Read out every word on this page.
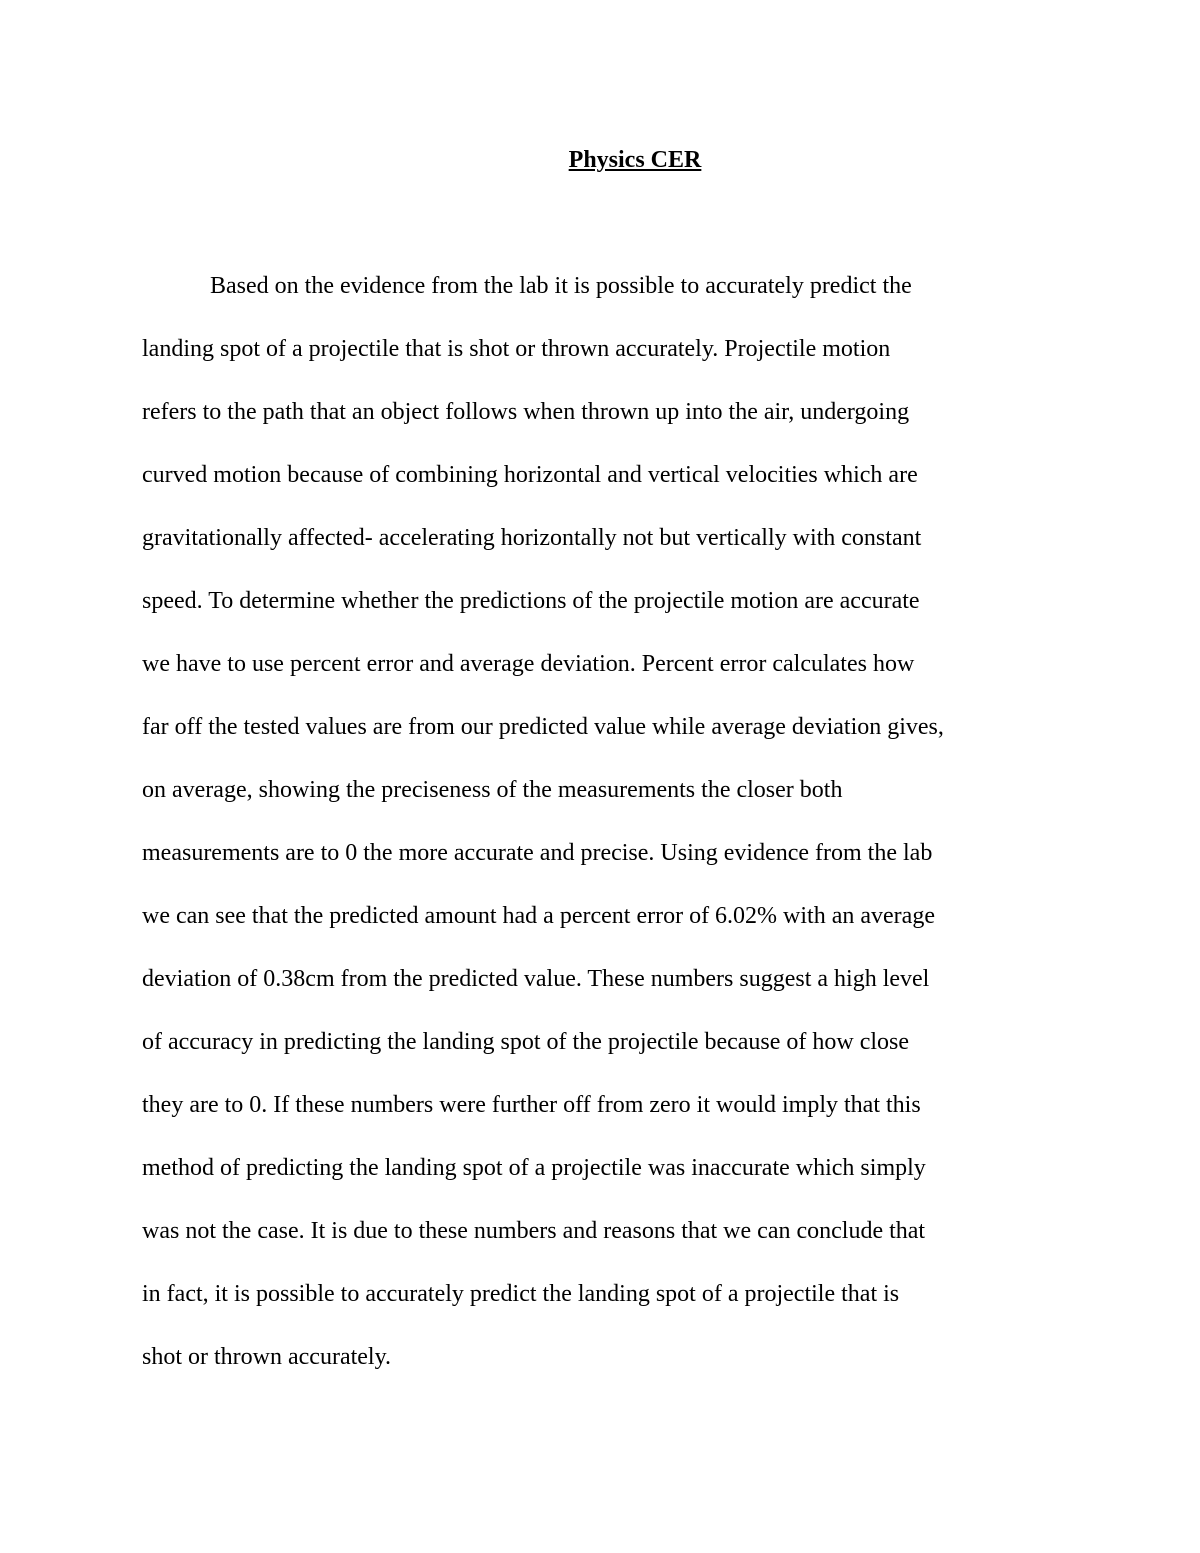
Physics CER
Based on the evidence from the lab it is possible to accurately predict the
landing spot of a projectile that is shot or thrown accurately. Projectile motion
refers to the path that an object follows when thrown up into the air, undergoing
curved motion because of combining horizontal and vertical velocities which are
gravitationally affected- accelerating horizontally not but vertically with constant
speed. To determine whether the predictions of the projectile motion are accurate
we have to use percent error and average deviation. Percent error calculates how
far off the tested values are from our predicted value while average deviation gives,
on average, showing the preciseness of the measurements the closer both
measurements are to 0 the more accurate and precise. Using evidence from the lab
we can see that the predicted amount had a percent error of 6.02% with an average
deviation of 0.38cm from the predicted value. These numbers suggest a high level
of accuracy in predicting the landing spot of the projectile because of how close
they are to 0. If these numbers were further off from zero it would imply that this
method of predicting the landing spot of a projectile was inaccurate which simply
was not the case. It is due to these numbers and reasons that we can conclude that
in fact, it is possible to accurately predict the landing spot of a projectile that is
shot or thrown accurately.
